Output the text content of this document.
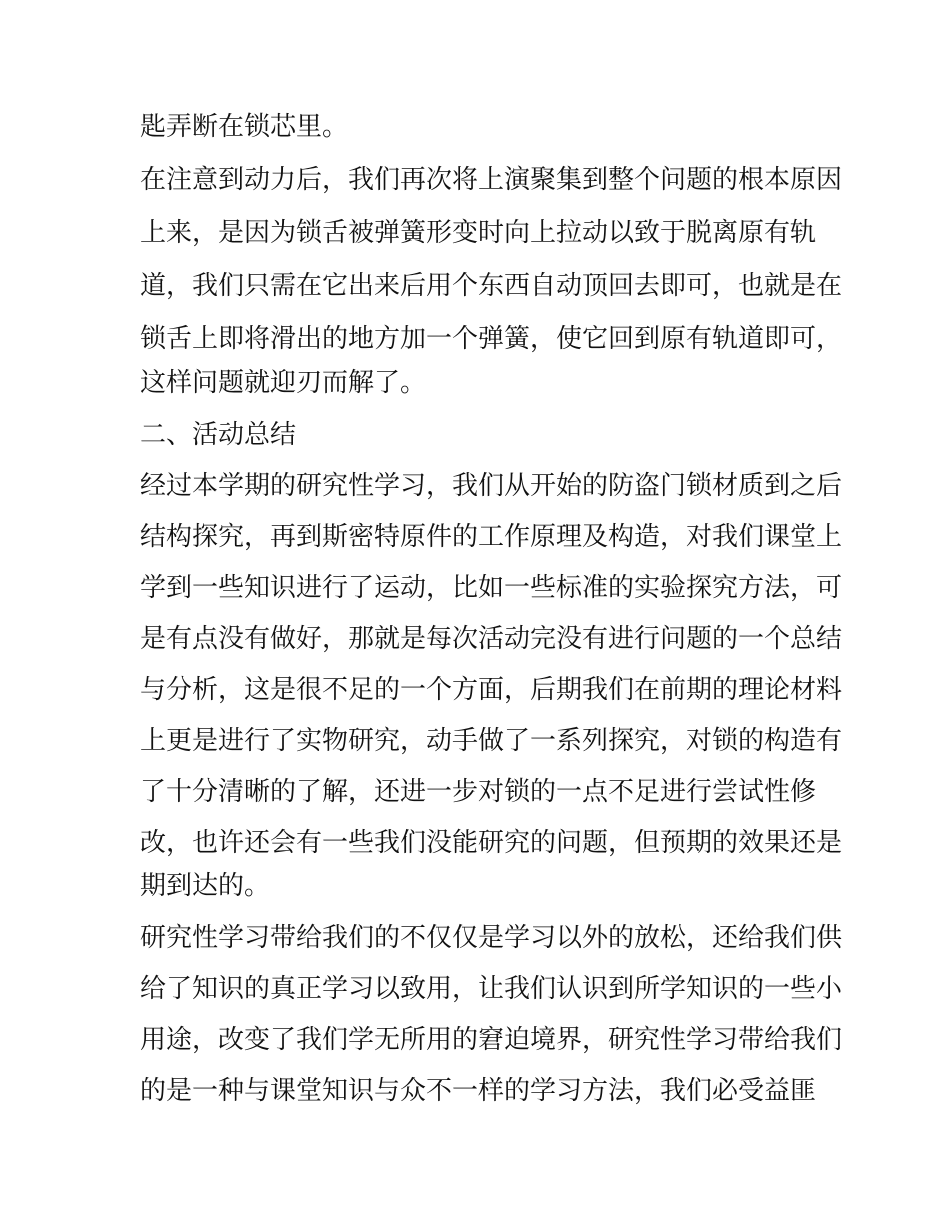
匙弄断在锁芯里。
在注意到动力后，我们再次将上演聚集到整个问题的根本原因
上来，是因为锁舌被弹簧形变时向上拉动以致于脱离原有轨
道，我们只需在它出来后用个东西自动顶回去即可，也就是在
锁舌上即将滑出的地方加一个弹簧，使它回到原有轨道即可，
这样问题就迎刃而解了。
二、活动总结
经过本学期的研究性学习，我们从开始的防盗门锁材质到之后
结构探究，再到斯密特原件的工作原理及构造，对我们课堂上
学到一些知识进行了运动，比如一些标准的实验探究方法，可
是有点没有做好，那就是每次活动完没有进行问题的一个总结
与分析，这是很不足的一个方面，后期我们在前期的理论材料
上更是进行了实物研究，动手做了一系列探究，对锁的构造有
了十分清晰的了解，还进一步对锁的一点不足进行尝试性修
改，也许还会有一些我们没能研究的问题，但预期的效果还是
期到达的。
研究性学习带给我们的不仅仅是学习以外的放松，还给我们供
给了知识的真正学习以致用，让我们认识到所学知识的一些小
用途，改变了我们学无所用的窘迫境界，研究性学习带给我们
的是一种与课堂知识与众不一样的学习方法，我们必受益匪
